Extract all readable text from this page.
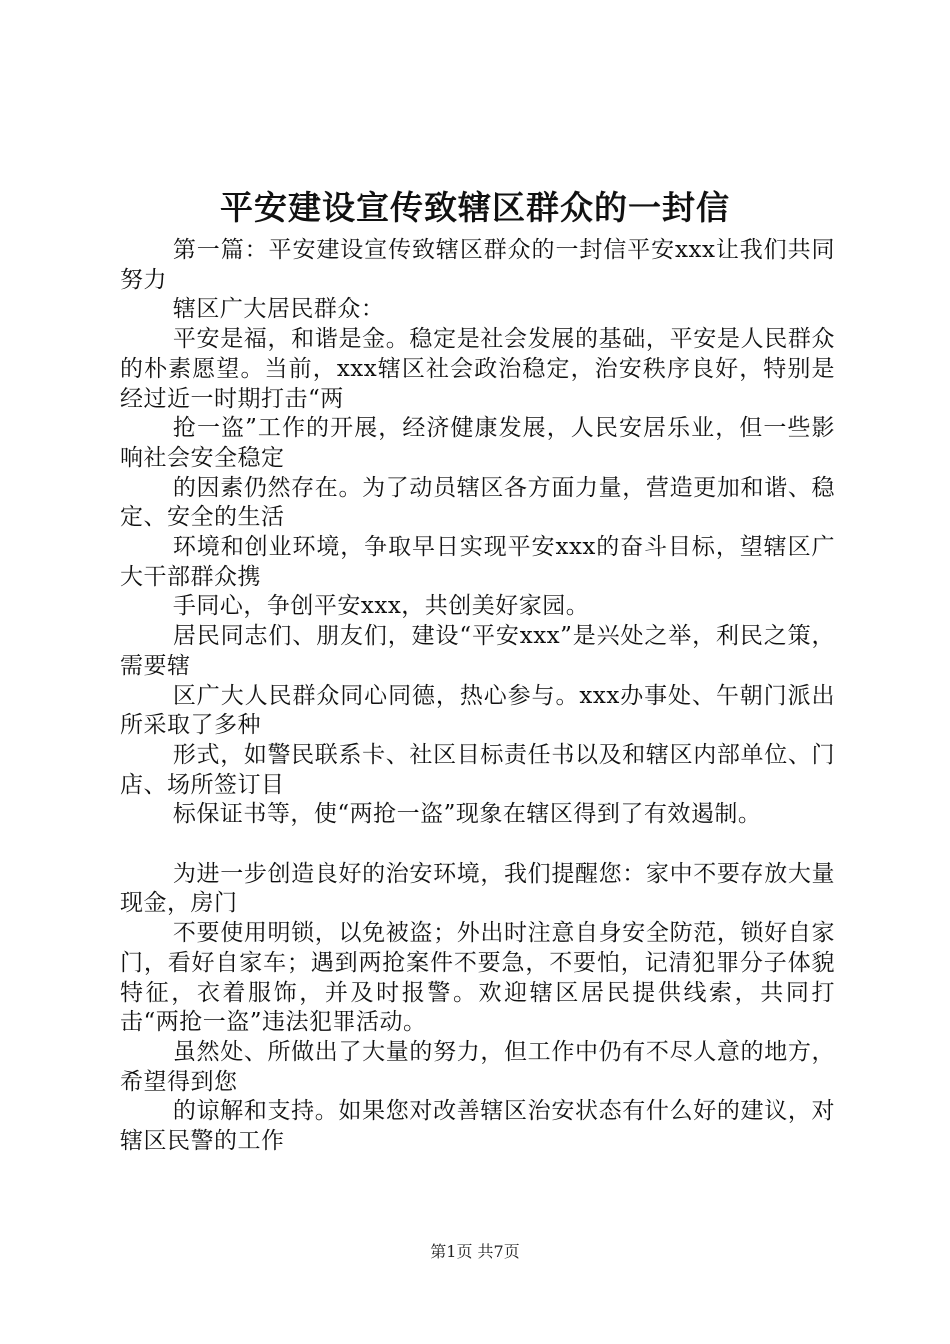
平安建设宣传致辖区群众的一封信

第一篇：平安建设宣传致辖区群众的一封信平安xxx让我们共同努力

辖区广大居民群众：

平安是福，和谐是金。稳定是社会发展的基础，平安是人民群众的朴素愿望。当前，xxx辖区社会政治稳定，治安秩序良好，特别是经过近一时期打击“两

抢一盗”工作的开展，经济健康发展，人民安居乐业，但一些影响社会安全稳定

的因素仍然存在。为了动员辖区各方面力量，营造更加和谐、稳定、安全的生活

环境和创业环境，争取早日实现平安xxx的奋斗目标，望辖区广大干部群众携

手同心，争创平安xxx，共创美好家园。

居民同志们、朋友们，建设“平安xxx”是兴处之举，利民之策，需要辖

区广大人民群众同心同德，热心参与。xxx办事处、午朝门派出所采取了多种

形式，如警民联系卡、社区目标责任书以及和辖区内部单位、门店、场所签订目

标保证书等，使“两抢一盗”现象在辖区得到了有效遏制。

为进一步创造良好的治安环境，我们提醒您：家中不要存放大量现金，房门

不要使用明锁，以免被盗；外出时注意自身安全防范，锁好自家门，看好自家车；遇到两抢案件不要急，不要怕，记清犯罪分子体貌特征，衣着服饰，并及时报警。欢迎辖区居民提供线索，共同打击“两抢一盗”违法犯罪活动。

虽然处、所做出了大量的努力，但工作中仍有不尽人意的地方，希望得到您

的谅解和支持。如果您对改善辖区治安状态有什么好的建议，对辖区民警的工作

第1页 共7页
